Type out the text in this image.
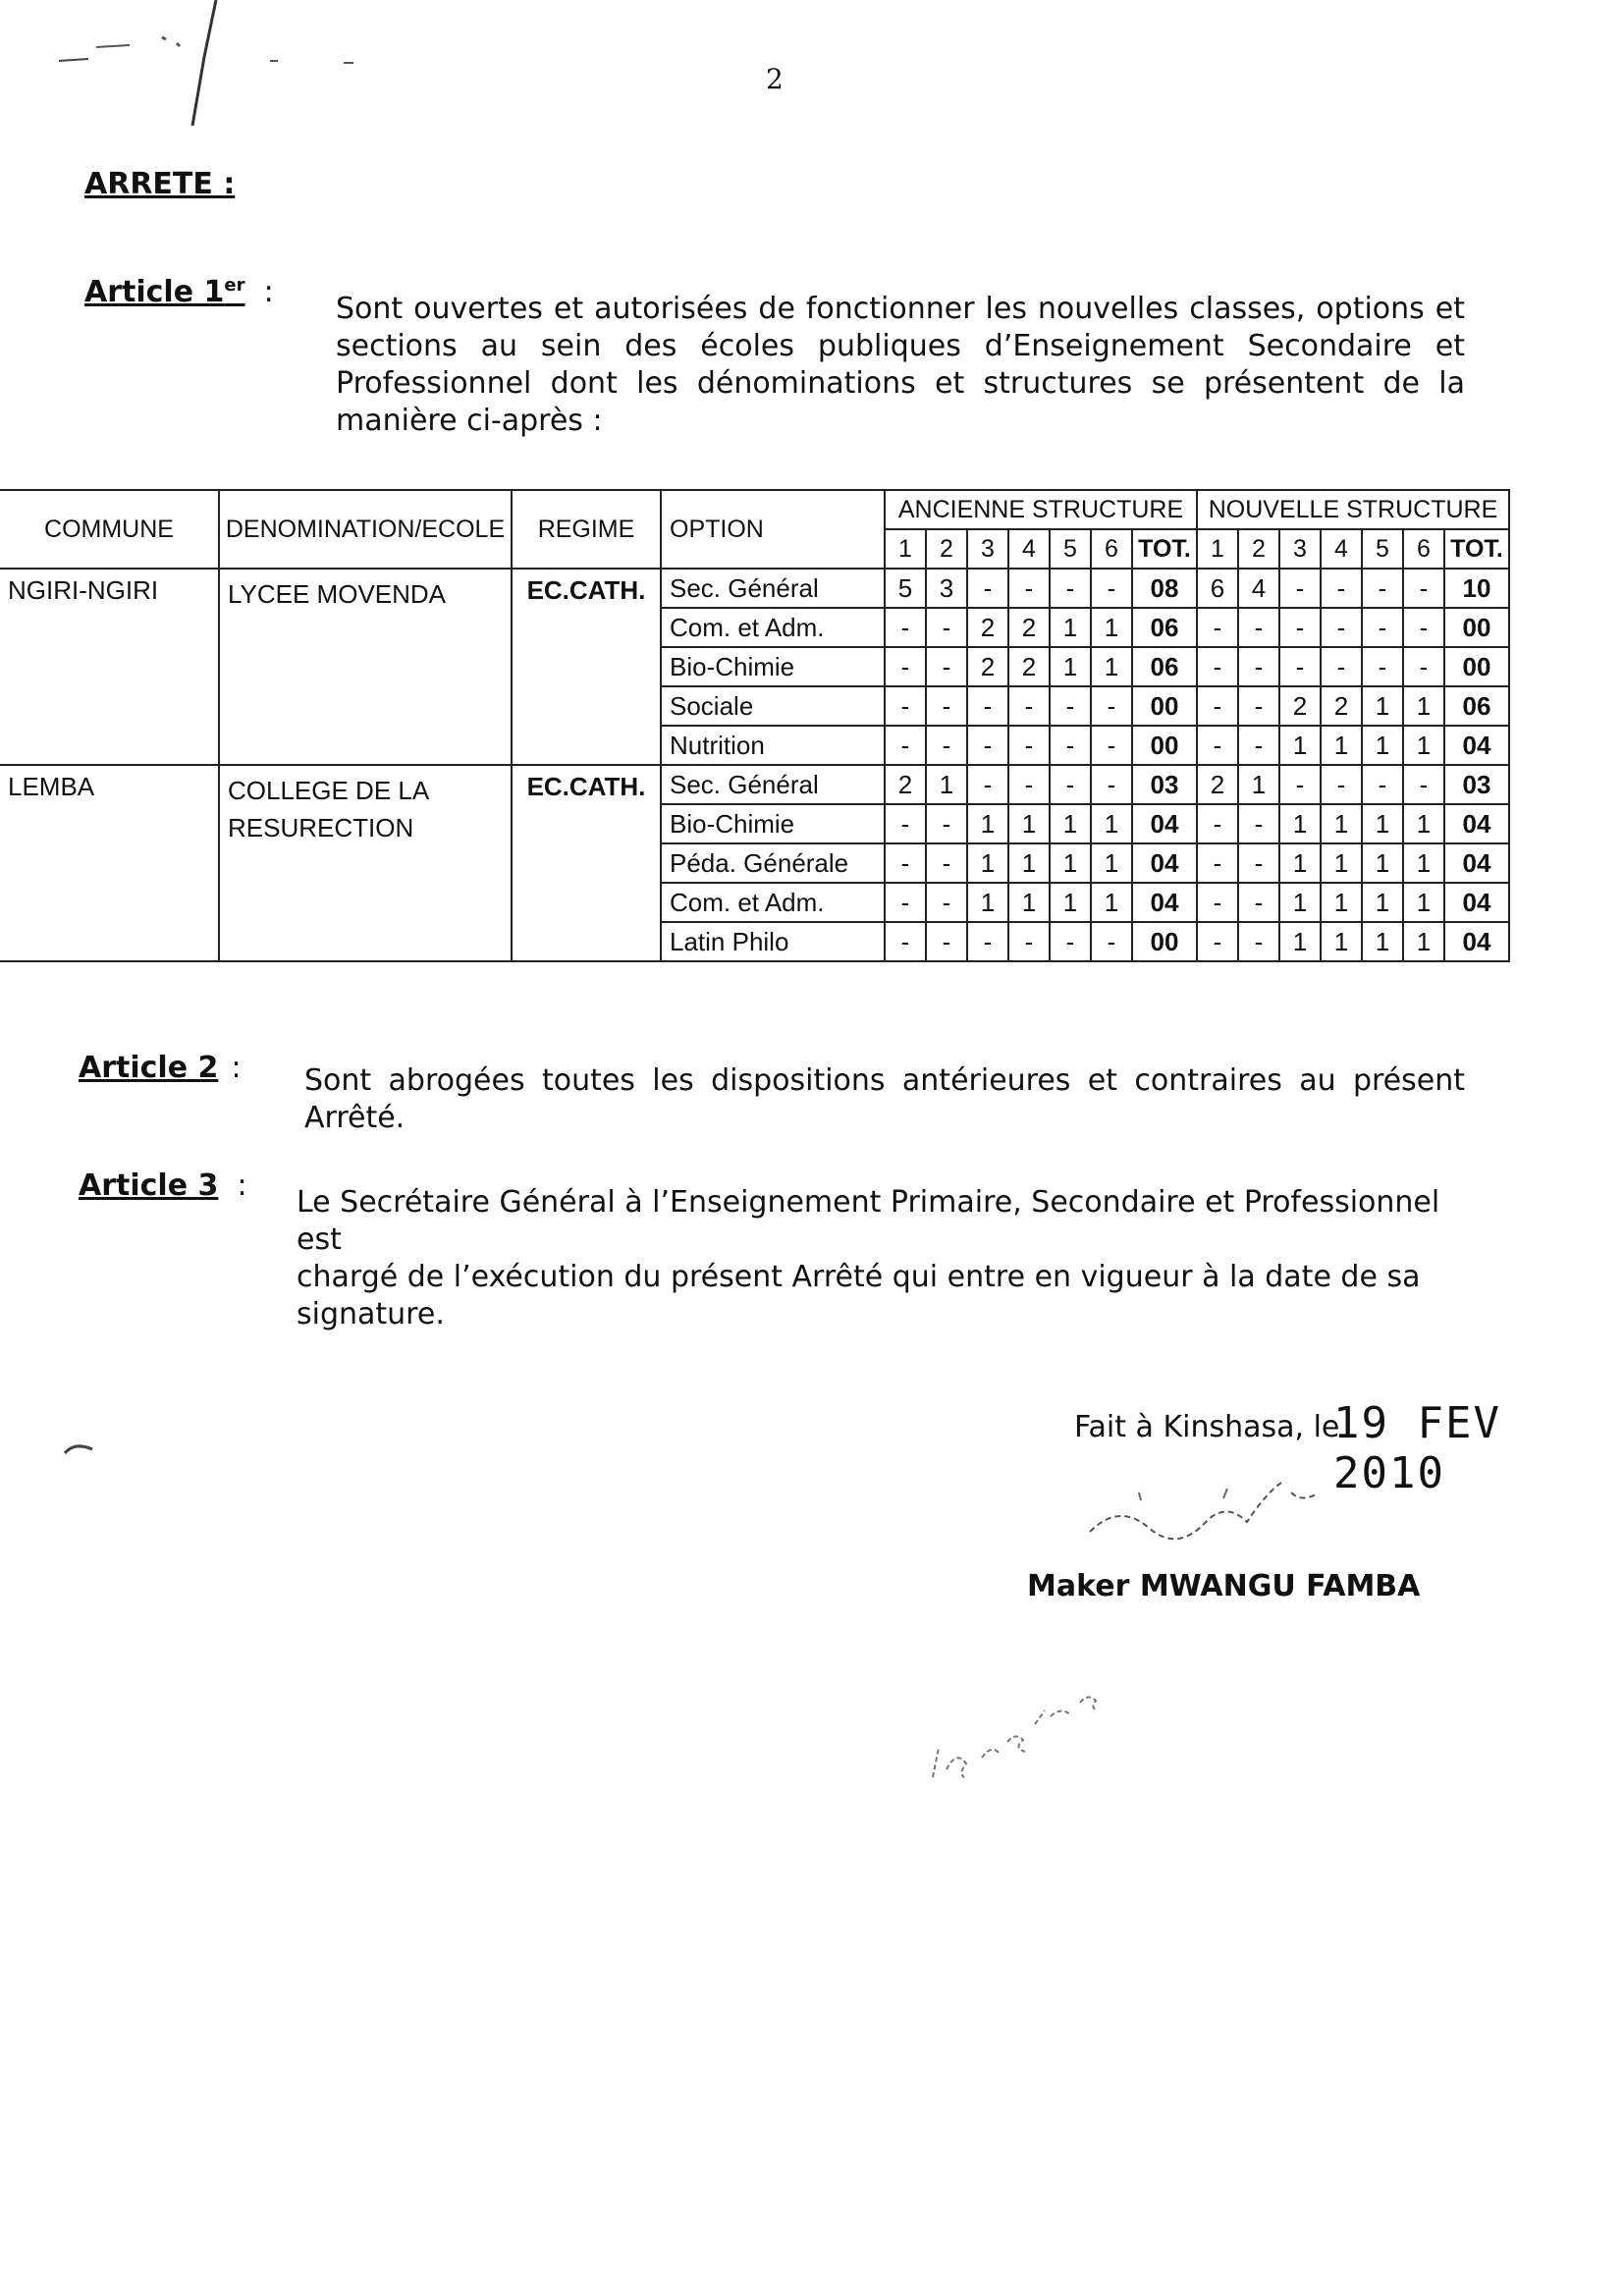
2
ARRETE :
Article 1er : Sont ouvertes et autorisées de fonctionner les nouvelles classes, options et
sections au sein des écoles publiques d’Enseignement Secondaire et
Professionnel dont les dénominations et structures se présentent de la
manière ci-après :
COMMUNE	DENOMINATION/ECOLE	REGIME	OPTION	ANCIENNE STRUCTURE							NOUVELLE STRUCTURE						
				1	2	3	4	5	6	TOT.	1	2	3	4	5	6	TOT.
NGIRI-NGIRI	LYCEE MOVENDA	EC.CATH.	Sec. Général	5	3	-	-	-	-	08	6	4	-	-	-	-	10
			Com. et Adm.	-	-	2	2	1	1	06	-	-	-	-	-	-	00
			Bio-Chimie	-	-	2	2	1	1	06	-	-	-	-	-	-	00
			Sociale	-	-	-	-	-	-	00	-	-	2	2	1	1	06
			Nutrition	-	-	-	-	-	-	00	-	-	1	1	1	1	04
LEMBA	COLLEGE DE LA RESURECTION	EC.CATH.	Sec. Général	2	1	-	-	-	-	03	2	1	-	-	-	-	03
			Bio-Chimie	-	-	1	1	1	1	04	-	-	1	1	1	1	04
			Péda. Générale	-	-	1	1	1	1	04	-	-	1	1	1	1	04
			Com. et Adm.	-	-	1	1	1	1	04	-	-	1	1	1	1	04
			Latin Philo	-	-	-	-	-	-	00	-	-	1	1	1	1	04
Article 2 : Sont abrogées toutes les dispositions antérieures et contraires au présent
Arrêté.
Article 3 : Le Secrétaire Général à l’Enseignement Primaire, Secondaire et Professionnel est
chargé de l’exécution du présent Arrêté qui entre en vigueur à la date de sa
signature.
Fait à Kinshasa, le
19 FEV 2010
Maker MWANGU FAMBA
